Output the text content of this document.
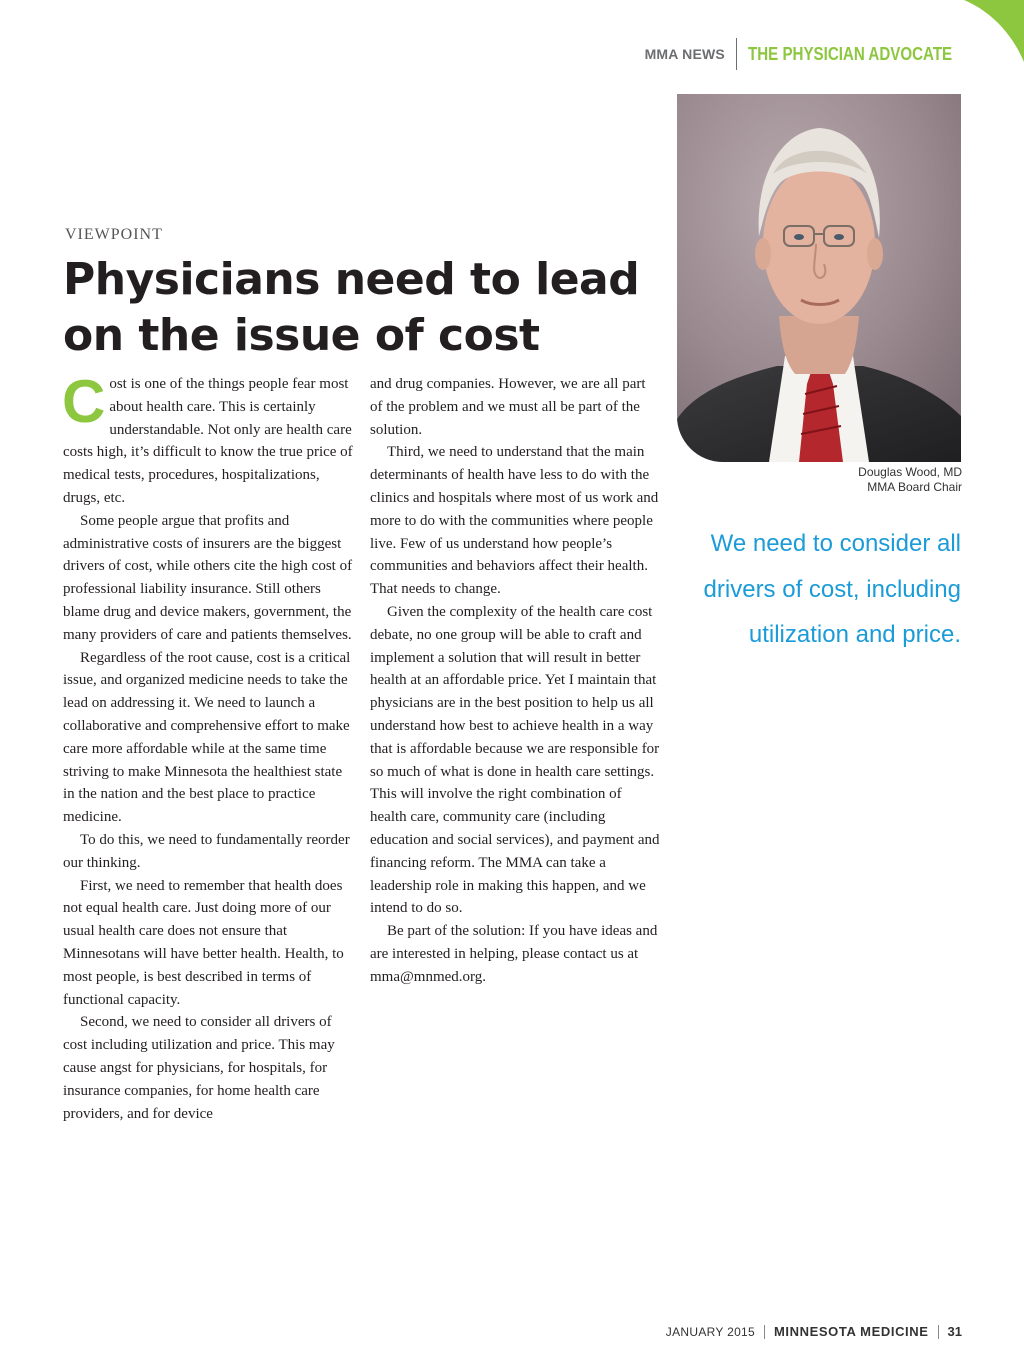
MMA NEWS THE PHYSICIAN ADVOCATE
Douglas Wood, MD
MMA Board Chair
We need to consider all drivers of cost, including utilization and price.
VIEWPOINT
Physicians need to lead on the issue of cost

Cost is one of the things people fear most about health care. This is certainly understandable. Not only are health care costs high, it’s difficult to know the true price of medical tests, procedures, hospitalizations, drugs, etc.

Some people argue that profits and administrative costs of insurers are the biggest drivers of cost, while others cite the high cost of professional liability insurance. Still others blame drug and device makers, government, the many providers of care and patients themselves.

Regardless of the root cause, cost is a critical issue, and organized medicine needs to take the lead on addressing it. We need to launch a collaborative and comprehensive effort to make care more affordable while at the same time striving to make Minnesota the healthiest state in the nation and the best place to practice medicine.

To do this, we need to fundamentally reorder our thinking.

First, we need to remember that health does not equal health care. Just doing more of our usual health care does not ensure that Minnesotans will have better health. Health, to most people, is best described in terms of functional capacity.

Second, we need to consider all drivers of cost including utilization and price. This may cause angst for physicians, for hospitals, for insurance companies, for home health care providers, and for device

and drug companies. However, we are all part of the problem and we must all be part of the solution.

Third, we need to understand that the main determinants of health have less to do with the clinics and hospitals where most of us work and more to do with the communities where people live. Few of us understand how people’s communities and behaviors affect their health. That needs to change.

Given the complexity of the health care cost debate, no one group will be able to craft and implement a solution that will result in better health at an affordable price. Yet I maintain that physicians are in the best position to help us all understand how best to achieve health in a way that is affordable because we are responsible for so much of what is done in health care settings. This will involve the right combination of health care, community care (including education and social services), and payment and financing reform. The MMA can take a leadership role in making this happen, and we intend to do so.

Be part of the solution: If you have ideas and are interested in helping, please contact us at mma@mnmed.org.

JANUARY 2015 MINNESOTA MEDICINE 31
